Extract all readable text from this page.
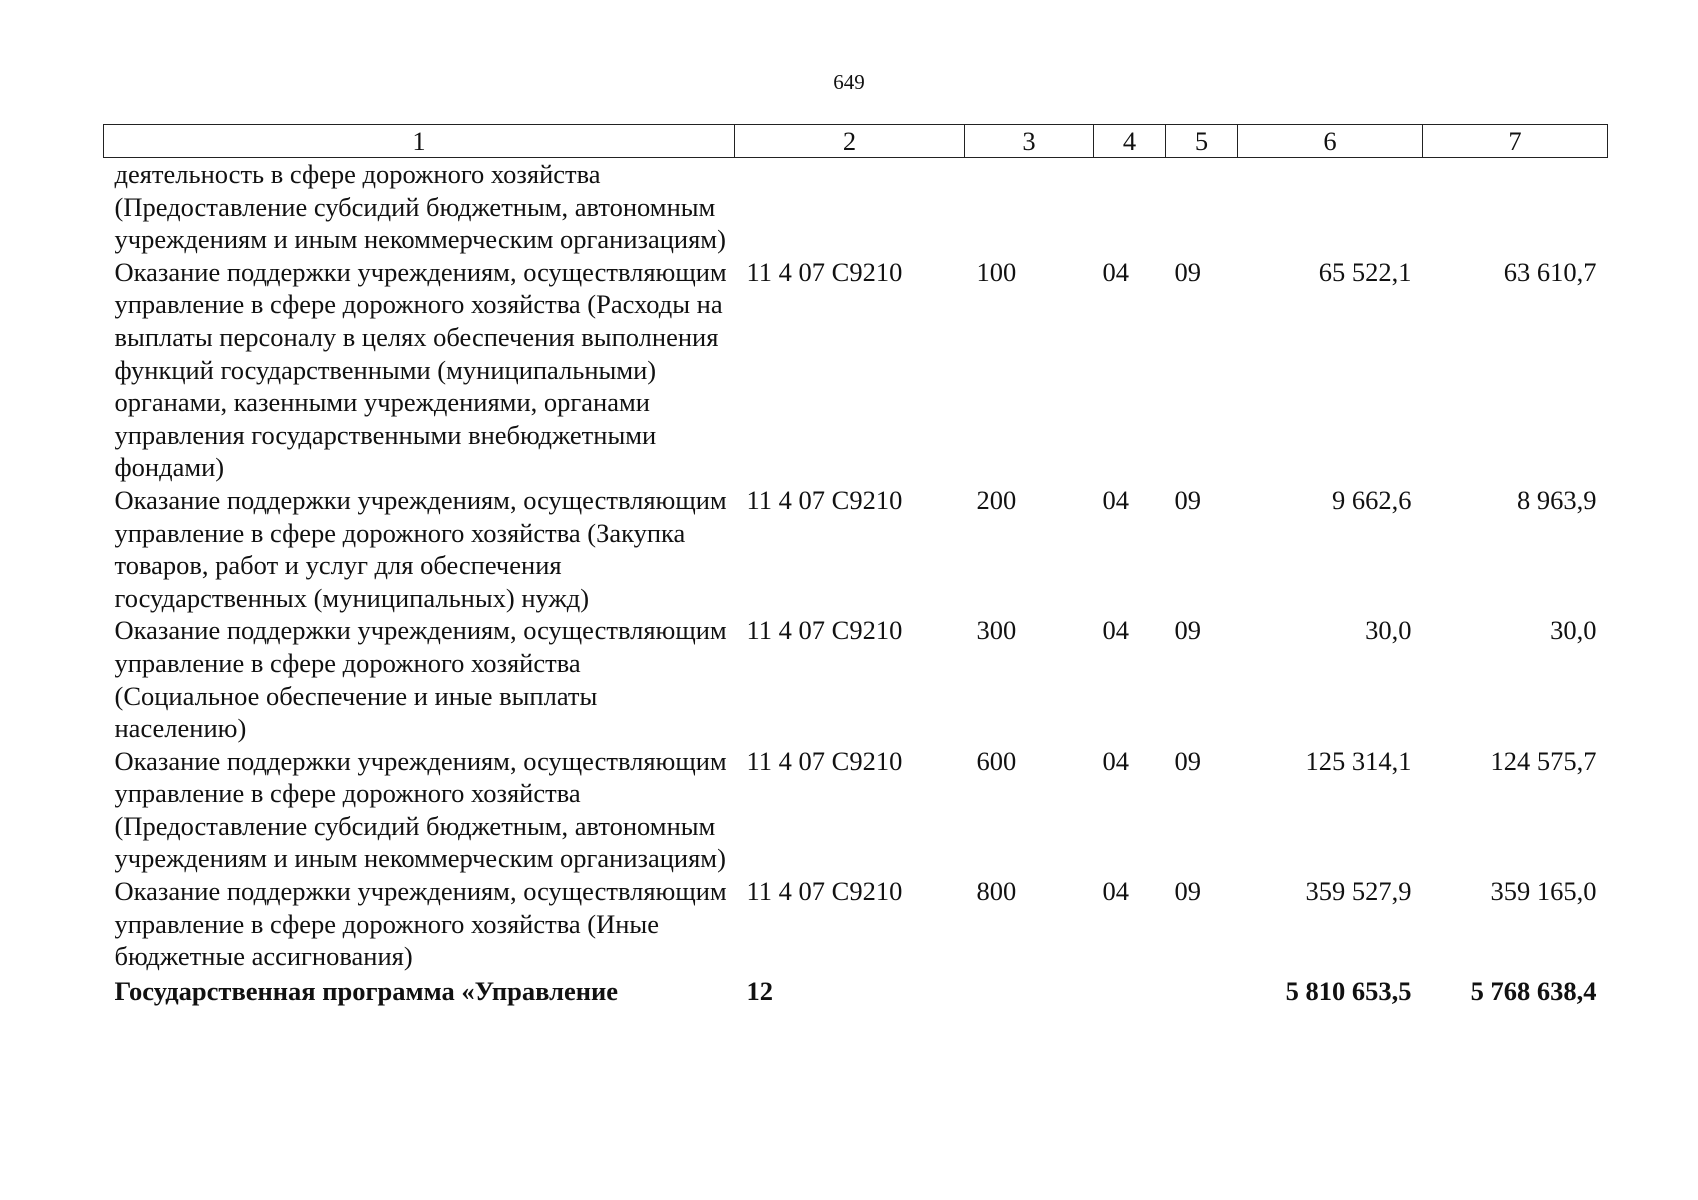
649
1	2	3	4	5	6	7
деятельность в сфере дорожного хозяйства (Предоставление субсидий бюджетным, автономным учреждениям и иным некоммерческим организациям)						
Оказание поддержки учреждениям, осуществляющим управление в сфере дорожного хозяйства (Расходы на выплаты персоналу в целях обеспечения выполнения функций государственными (муниципальными) органами, казенными учреждениями, органами управления государственными внебюджетными фондами)	11 4 07 С9210	100	04	09	65 522,1	63 610,7
Оказание поддержки учреждениям, осуществляющим управление в сфере дорожного хозяйства (Закупка товаров, работ и услуг для обеспечения государственных (муниципальных) нужд)	11 4 07 С9210	200	04	09	9 662,6	8 963,9
Оказание поддержки учреждениям, осуществляющим управление в сфере дорожного хозяйства (Социальное обеспечение и иные выплаты населению)	11 4 07 С9210	300	04	09	30,0	30,0
Оказание поддержки учреждениям, осуществляющим управление в сфере дорожного хозяйства (Предоставление субсидий бюджетным, автономным учреждениям и иным некоммерческим организациям)	11 4 07 С9210	600	04	09	125 314,1	124 575,7
Оказание поддержки учреждениям, осуществляющим управление в сфере дорожного хозяйства (Иные бюджетные ассигнования)	11 4 07 С9210	800	04	09	359 527,9	359 165,0
Государственная программа «Управление	12				5 810 653,5	5 768 638,4
